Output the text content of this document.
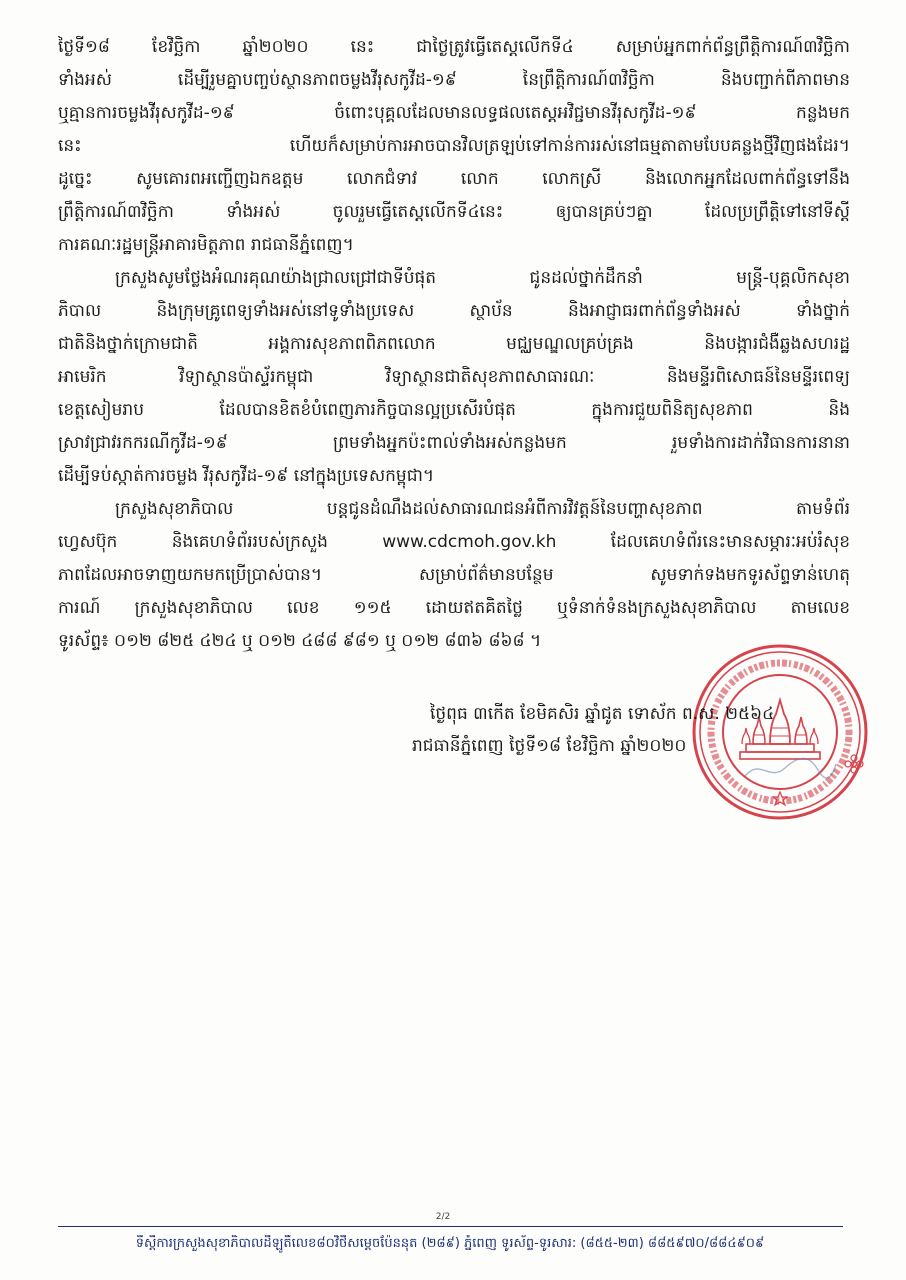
ថ្ងៃទី១៨ ខែវិច្ឆិកា ឆ្នាំ២០២០ នេះ ជាថ្ងៃត្រូវធ្វើតេស្តលើកទី៤ សម្រាប់អ្នកពាក់ព័ន្ធព្រឹត្តិការណ៍៣វិច្ឆិកា
ទាំងអស់ ដើម្បីរួមគ្នាបញ្ចប់ស្ថានភាពចម្លងវីរុសកូវីដ-១៩ នៃព្រឹត្តិការណ៍៣វិច្ឆិកា និងបញ្ជាក់ពីភាពមាន
ឬគ្មានការចម្លងវីរុសកូវីដ-១៩ ចំពោះបុគ្គលដែលមានលទ្ធផលតេស្តអវិជ្ជមានវីរុសកូវីដ-១៩ កន្លងមក
នេះ ហើយក៏សម្រាប់ការអាចបានវិលត្រឡប់ទៅកាន់ការរស់នៅធម្មតាតាមបែបគន្លងថ្មីវិញផងដែរ។
ដូច្នេះ សូមគោរពអញ្ជើញឯកឧត្តម លោកជំទាវ លោក លោកស្រី និងលោកអ្នកដែលពាក់ព័ន្ធទៅនឹង
ព្រឹត្តិការណ៍៣វិច្ឆិកា ទាំងអស់ ចូលរួមធ្វើតេស្តលើកទី៤នេះ ឲ្យបានគ្រប់ៗគ្នា ដែលប្រព្រឹត្តិទៅនៅទីស្តី
ការគណៈរដ្ឋមន្ត្រីអាគារមិត្តភាព រាជធានីភ្នំពេញ។
ក្រសួងសូមថ្លែងអំណរគុណយ៉ាងជ្រាលជ្រៅជាទីបំផុត ជូនដល់ថ្នាក់ដឹកនាំ មន្ត្រី-បុគ្គលិកសុខា
ភិបាល និងក្រុមគ្រូពេទ្យទាំងអស់នៅទូទាំងប្រទេស ស្ថាប័ន និងអាជ្ញាធរពាក់ព័ន្ធទាំងអស់ ទាំងថ្នាក់
ជាតិនិងថ្នាក់ក្រោមជាតិ អង្គការសុខភាពពិភពលោក មជ្ឈមណ្ឌលគ្រប់គ្រង និងបង្ការជំងឺឆ្លងសហរដ្ឋ
អាមេរិក វិទ្យាស្ថានប៉ាស្ទ័រកម្ពុជា វិទ្យាស្ថានជាតិសុខភាពសាធារណៈ និងមន្ទីរពិសោធន៍នៃមន្ទីរពេទ្យ
ខេត្តសៀមរាប ដែលបានខិតខំបំពេញភារកិច្ចបានល្អប្រសើរបំផុត ក្នុងការជួយពិនិត្យសុខភាព និង
ស្រាវជ្រាវរកករណីកូវីដ-១៩ ព្រមទាំងអ្នកប៉ះពាល់ទាំងអស់កន្លងមក រួមទាំងការដាក់វិធានការនានា
ដើម្បីទប់ស្កាត់ការចម្លង វីរុសកូវីដ-១៩ នៅក្នុងប្រទេសកម្ពុជា។
ក្រសួងសុខាភិបាល បន្តជូនដំណឹងដល់សាធារណជនអំពីការវិវត្តន៍នៃបញ្ហាសុខភាព តាមទំព័រ
ហ្វេសប៊ុក និងគេហទំព័ររបស់ក្រសួង www.cdcmoh.gov.kh ដែលគេហទំព័រនេះមានសម្ភារៈអប់រំសុខ
ភាពដែលអាចទាញយកមកប្រើប្រាស់បាន។ សម្រាប់ព័ត៌មានបន្ថែម សូមទាក់ទងមកទូរស័ព្ទទាន់ហេតុ
ការណ៍ ក្រសួងសុខាភិបាល លេខ ១១៥ ដោយឥតគិតថ្លៃ ឬទំនាក់ទំនងក្រសួងសុខាភិបាល តាមលេខ
ទូរស័ព្ទ៖ ០១២ ៨២៥ ៤២៤ ឬ ០១២ ៤៨៨ ៩៨១ ឬ ០១២ ៨៣៦ ៨៦៨ ។
ថ្ងៃពុធ ៣កើត ខែមិគសិរ ឆ្នាំជូត ទោស័ក ព.ស. ២៥៦៤
រាជធានីភ្នំពេញ ថ្ងៃទី១៨ ខែវិច្ឆិកា ឆ្នាំ២០២០
2/2
ទីស្តីការក្រសួងសុខាភិបាលដីឡូតិ៍លេខ៨០វិថីសម្តេចប៉ែននុត (២៨៩) ភ្នំពេញ ទូរស័ព្ទ-ទូរសារ: (៨៥៥-២៣) ៨៨៥៩៧០/៨៨៤៩០៩
